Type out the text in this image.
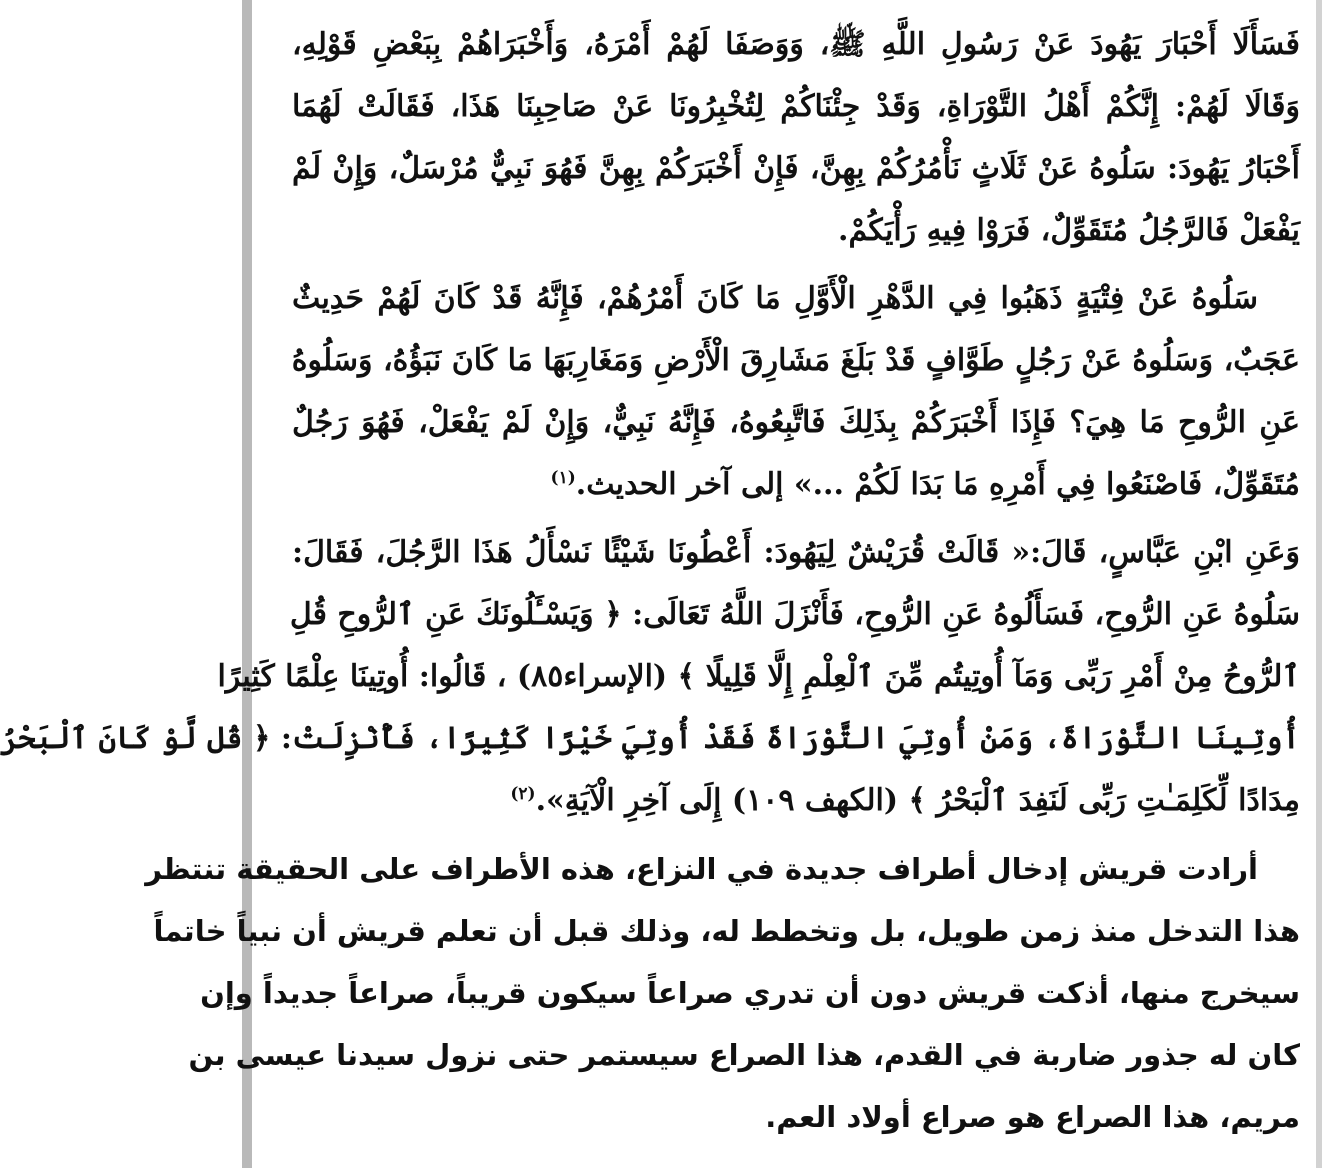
فَسَأَلَا أَحْبَارَ يَهُودَ عَنْ رَسُولِ اللَّهِ ﷺ، وَوَصَفَا لَهُمْ أَمْرَهُ، وَأَخْبَرَاهُمْ بِبَعْضِ قَوْلِهِ،
وَقَالَا لَهُمْ: إِنَّكُمْ أَهْلُ التَّوْرَاةِ، وَقَدْ جِئْنَاكُمْ لِتُخْبِرُونَا عَنْ صَاحِبِنَا هَذَا، فَقَالَتْ لَهُمَا
أَحْبَارُ يَهُودَ: سَلُوهُ عَنْ ثَلَاثٍ نَأْمُرُكُمْ بِهِنَّ، فَإِنْ أَخْبَرَكُمْ بِهِنَّ فَهُوَ نَبِيٌّ مُرْسَلٌ، وَإِنْ لَمْ
يَفْعَلْ فَالرَّجُلُ مُتَقَوِّلٌ، فَرَوْا فِيهِ رَأْيَكُمْ.
سَلُوهُ عَنْ فِتْيَةٍ ذَهَبُوا فِي الدَّهْرِ الْأَوَّلِ مَا كَانَ أَمْرُهُمْ، فَإِنَّهُ قَدْ كَانَ لَهُمْ حَدِيثٌ
عَجَبٌ، وَسَلُوهُ عَنْ رَجُلٍ طَوَّافٍ قَدْ بَلَغَ مَشَارِقَ الْأَرْضِ وَمَغَارِبَهَا مَا كَانَ نَبَؤُهُ، وَسَلُوهُ
عَنِ الرُّوحِ مَا هِيَ؟ فَإِذَا أَخْبَرَكُمْ بِذَلِكَ فَاتَّبِعُوهُ، فَإِنَّهُ نَبِيٌّ، وَإِنْ لَمْ يَفْعَلْ، فَهُوَ رَجُلٌ
مُتَقَوِّلٌ، فَاصْنَعُوا فِي أَمْرِهِ مَا بَدَا لَكُمْ ...» إلى آخر الحديث.$^{(١)}$
وَعَنِ ابْنِ عَبَّاسٍ، قَالَ:« قَالَتْ قُرَيْشٌ لِيَهُودَ: أَعْطُونَا شَيْئًا نَسْأَلُ هَذَا الرَّجُلَ، فَقَالَ:
سَلُوهُ عَنِ الرُّوحِ، فَسَأَلُوهُ عَنِ الرُّوحِ، فَأَنْزَلَ اللَّهُ تَعَالَى: ﴿ وَيَسْـَٔلُونَكَ عَنِ ٱلرُّوحِ قُلِ
ٱلرُّوحُ مِنْ أَمْرِ رَبِّى وَمَآ أُوتِيتُم مِّنَ ٱلْعِلْمِ إِلَّا قَلِيلًا ﴾ (الإسراء٨٥) ، قَالُوا: أُوتِينَا عِلْمًا كَثِيرًا
أُوتِينَا التَّوْرَاةَ، وَمَنْ أُوتِيَ التَّوْرَاةَ فَقَدْ أُوتِيَ خَيْرًا كَثِيرًا، فَأُنْزِلَتْ: ﴿ قُل لَّوْ كَانَ ٱلْبَحْرُ
مِدَادًا لِّكَلِمَـٰتِ رَبِّى لَنَفِدَ ٱلْبَحْرُ ﴾ (الكهف ١٠٩) إِلَى آخِرِ الْآيَةِ».$^{(٢)}$
أرادت قريش إدخال أطراف جديدة في النزاع، هذه الأطراف على الحقيقة تنتظر
هذا التدخل منذ زمن طويل، بل وتخطط له، وذلك قبل أن تعلم قريش أن نبياً خاتماً
سيخرج منها، أذكت قريش دون أن تدري صراعاً سيكون قريباً، صراعاً جديداً وإن
كان له جذور ضاربة في القدم، هذا الصراع سيستمر حتى نزول سيدنا عيسى بن
مريم، هذا الصراع هو صراع أولاد العم.
